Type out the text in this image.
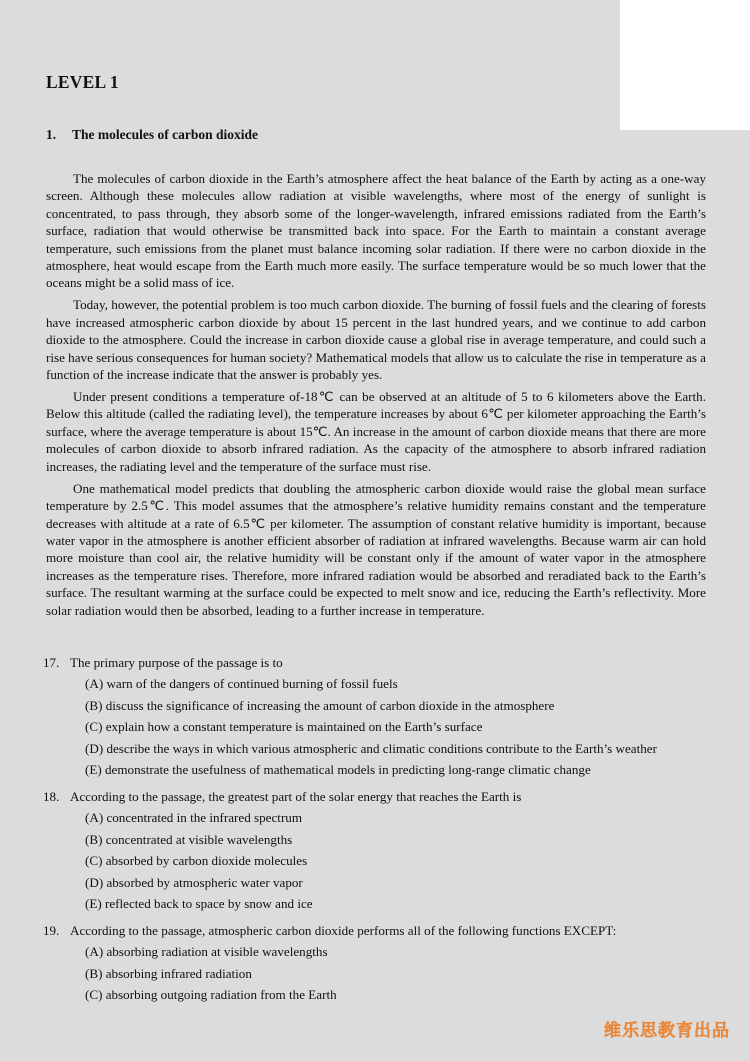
LEVEL 1
1. The molecules of carbon dioxide

The molecules of carbon dioxide in the Earth’s atmosphere affect the heat balance of the Earth by acting as a one-way screen. Although these molecules allow radiation at visible wavelengths, where most of the energy of sunlight is concentrated, to pass through, they absorb some of the longer-wavelength, infrared emissions radiated from the Earth’s surface, radiation that would otherwise be transmitted back into space. For the Earth to maintain a constant average temperature, such emissions from the planet must balance incoming solar radiation. If there were no carbon dioxide in the atmosphere, heat would escape from the Earth much more easily. The surface temperature would be so much lower that the oceans might be a solid mass of ice.

Today, however, the potential problem is too much carbon dioxide. The burning of fossil fuels and the clearing of forests have increased atmospheric carbon dioxide by about 15 percent in the last hundred years, and we continue to add carbon dioxide to the atmosphere. Could the increase in carbon dioxide cause a global rise in average temperature, and could such a rise have serious consequences for human society? Mathematical models that allow us to calculate the rise in temperature as a function of the increase indicate that the answer is probably yes.

Under present conditions a temperature of-18℃ can be observed at an altitude of 5 to 6 kilometers above the Earth. Below this altitude (called the radiating level), the temperature increases by about 6℃ per kilometer approaching the Earth’s surface, where the average temperature is about 15℃. An increase in the amount of carbon dioxide means that there are more molecules of carbon dioxide to absorb infrared radiation. As the capacity of the atmosphere to absorb infrared radiation increases, the radiating level and the temperature of the surface must rise.

One mathematical model predicts that doubling the atmospheric carbon dioxide would raise the global mean surface temperature by 2.5℃. This model assumes that the atmosphere’s relative humidity remains constant and the temperature decreases with altitude at a rate of 6.5℃ per kilometer. The assumption of constant relative humidity is important, because water vapor in the atmosphere is another efficient absorber of radiation at infrared wavelengths. Because warm air can hold more moisture than cool air, the relative humidity will be constant only if the amount of water vapor in the atmosphere increases as the temperature rises. Therefore, more infrared radiation would be absorbed and reradiated back to the Earth’s surface. The resultant warming at the surface could be expected to melt snow and ice, reducing the Earth’s reflectivity. More solar radiation would then be absorbed, leading to a further increase in temperature.

17. The primary purpose of the passage is to
(A) warn of the dangers of continued burning of fossil fuels
(B) discuss the significance of increasing the amount of carbon dioxide in the atmosphere
(C) explain how a constant temperature is maintained on the Earth’s surface
(D) describe the ways in which various atmospheric and climatic conditions contribute to the Earth’s weather
(E) demonstrate the usefulness of mathematical models in predicting long-range climatic change
18. According to the passage, the greatest part of the solar energy that reaches the Earth is
(A) concentrated in the infrared spectrum
(B) concentrated at visible wavelengths
(C) absorbed by carbon dioxide molecules
(D) absorbed by atmospheric water vapor
(E) reflected back to space by snow and ice
19. According to the passage, atmospheric carbon dioxide performs all of the following functions EXCEPT:
(A) absorbing radiation at visible wavelengths
(B) absorbing infrared radiation
(C) absorbing outgoing radiation from the Earth
维乐思教育出品
